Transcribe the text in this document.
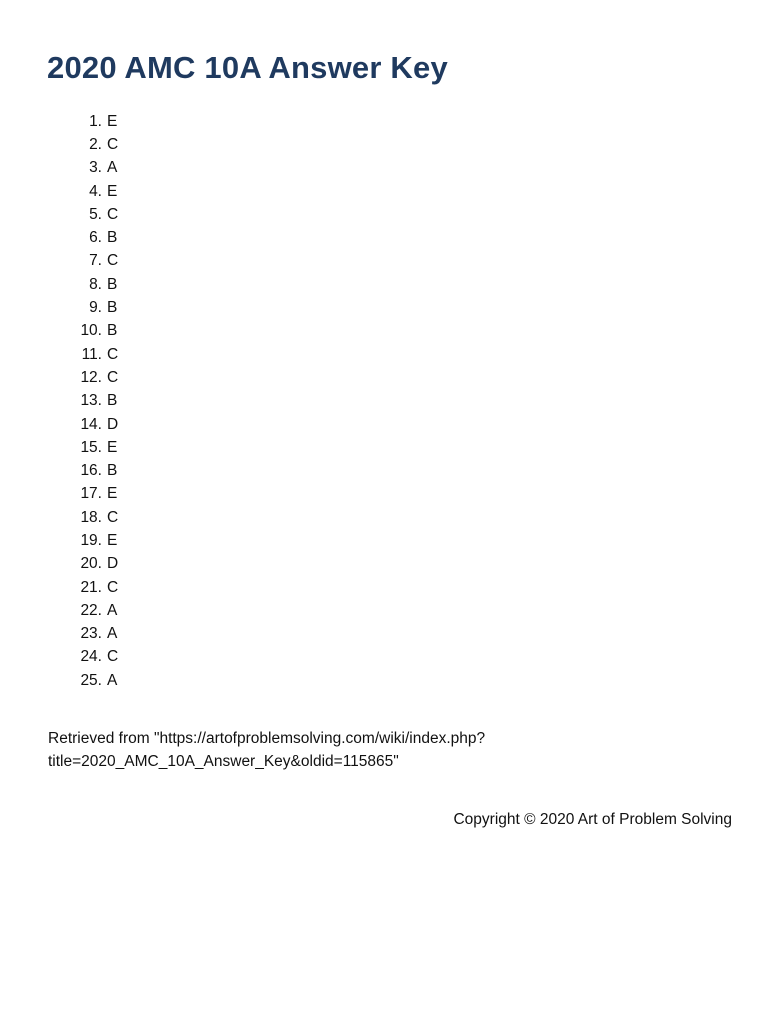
2020 AMC 10A Answer Key
1. E
2. C
3. A
4. E
5. C
6. B
7. C
8. B
9. B
10. B
11. C
12. C
13. B
14. D
15. E
16. B
17. E
18. C
19. E
20. D
21. C
22. A
23. A
24. C
25. A

Retrieved from "https://artofproblemsolving.com/wiki/index.php?
title=2020_AMC_10A_Answer_Key&oldid=115865"

Copyright © 2020 Art of Problem Solving
